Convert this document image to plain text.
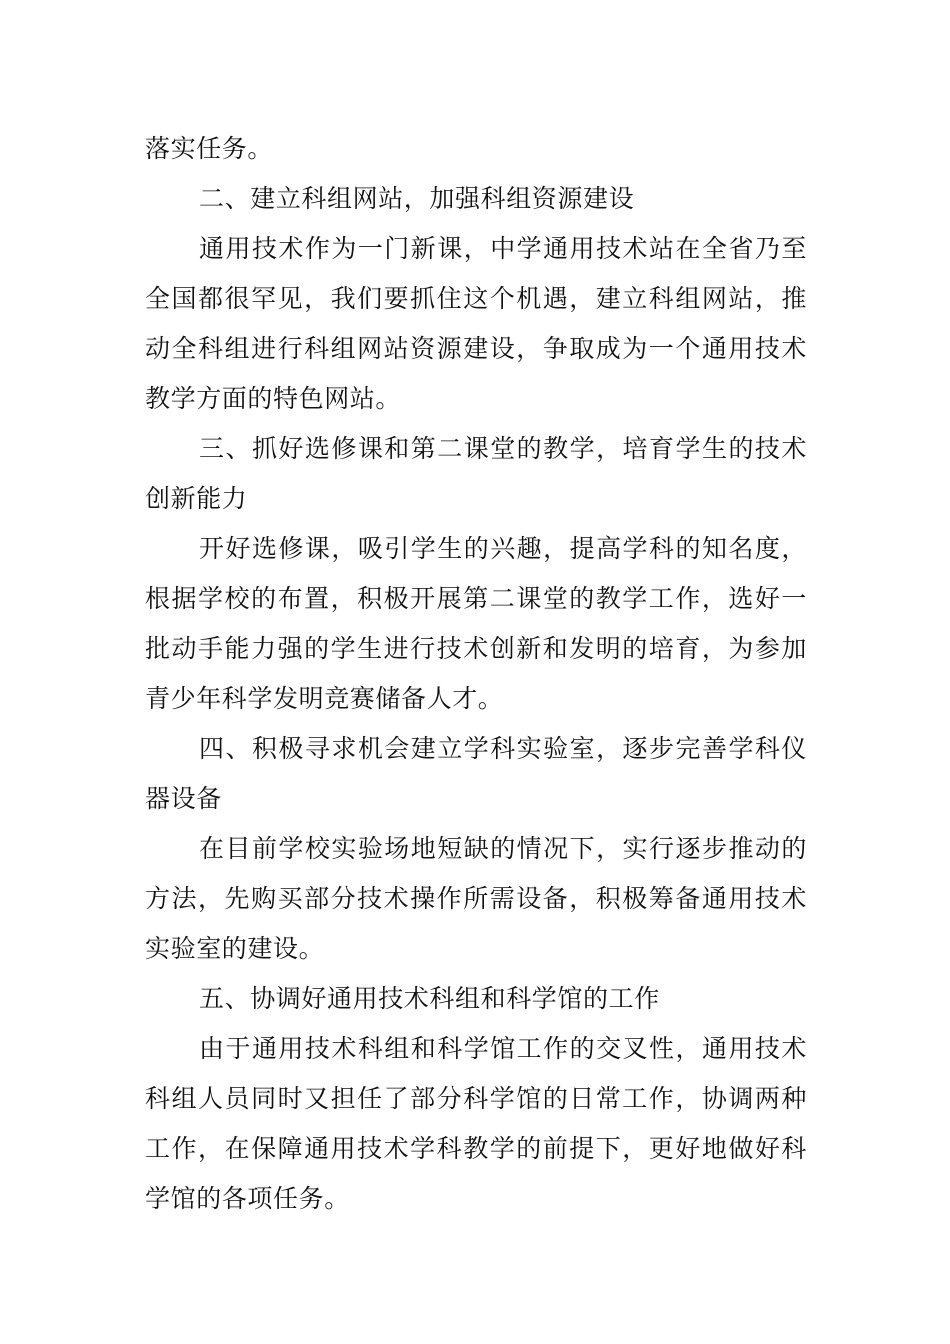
落实任务。

二、建立科组网站，加强科组资源建设

通用技术作为一门新课，中学通用技术站在全省乃至全国都很罕见，我们要抓住这个机遇，建立科组网站，推动全科组进行科组网站资源建设，争取成为一个通用技术教学方面的特色网站。

三、抓好选修课和第二课堂的教学，培育学生的技术创新能力

开好选修课，吸引学生的兴趣，提高学科的知名度，根据学校的布置，积极开展第二课堂的教学工作，选好一批动手能力强的学生进行技术创新和发明的培育，为参加青少年科学发明竞赛储备人才。

四、积极寻求机会建立学科实验室，逐步完善学科仪器设备

在目前学校实验场地短缺的情况下，实行逐步推动的方法，先购买部分技术操作所需设备，积极筹备通用技术实验室的建设。

五、协调好通用技术科组和科学馆的工作

由于通用技术科组和科学馆工作的交叉性，通用技术科组人员同时又担任了部分科学馆的日常工作，协调两种工作，在保障通用技术学科教学的前提下，更好地做好科学馆的各项任务。
